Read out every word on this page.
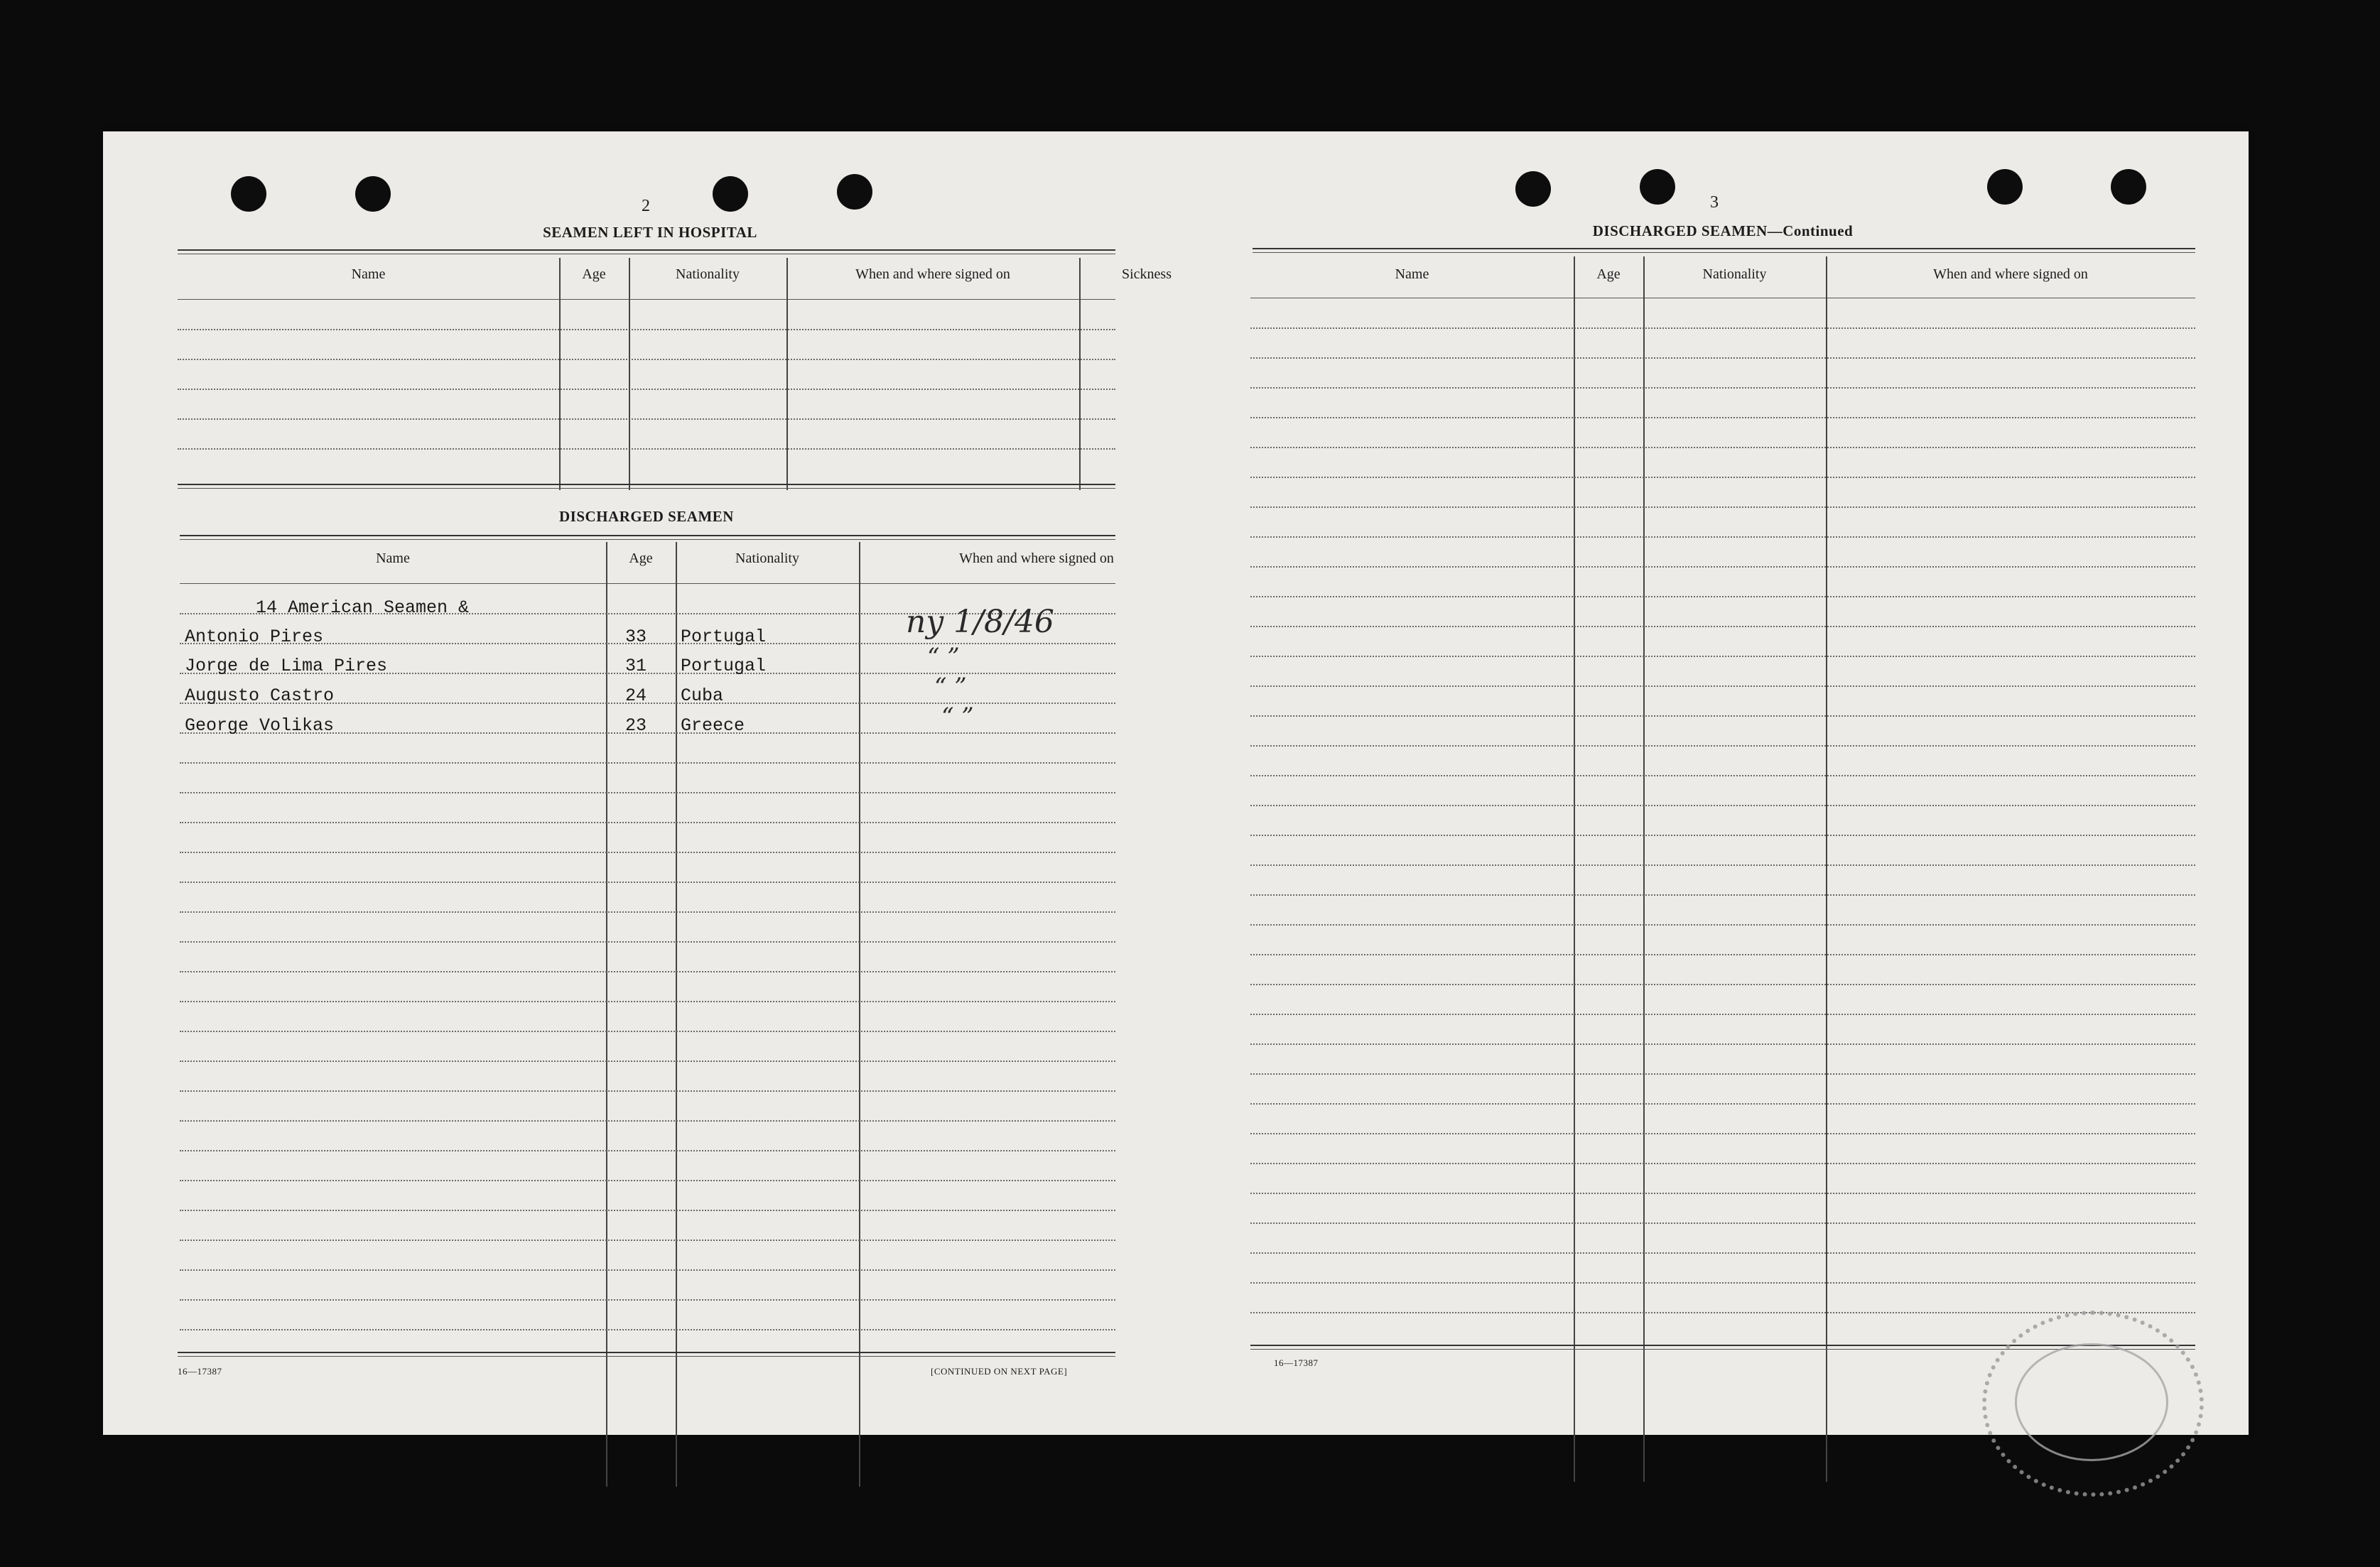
2
SEAMEN LEFT IN HOSPITAL
Name	Age	Nationality	When and where signed on	Sickness
DISCHARGED SEAMEN
Name	Age	Nationality	When and where signed on
14 American Seamen &
Antonio Pires	33 Portugal	ny 1/8/46
Jorge de Lima Pires	31 Portugal	“ ”
Augusto Castro	24 Cuba	“ ”
George Volikas	23 Greece	“ ”
16—17387	[CONTINUED ON NEXT PAGE]
3
DISCHARGED SEAMEN—Continued
Name	Age	Nationality	When and where signed on
16—17387
